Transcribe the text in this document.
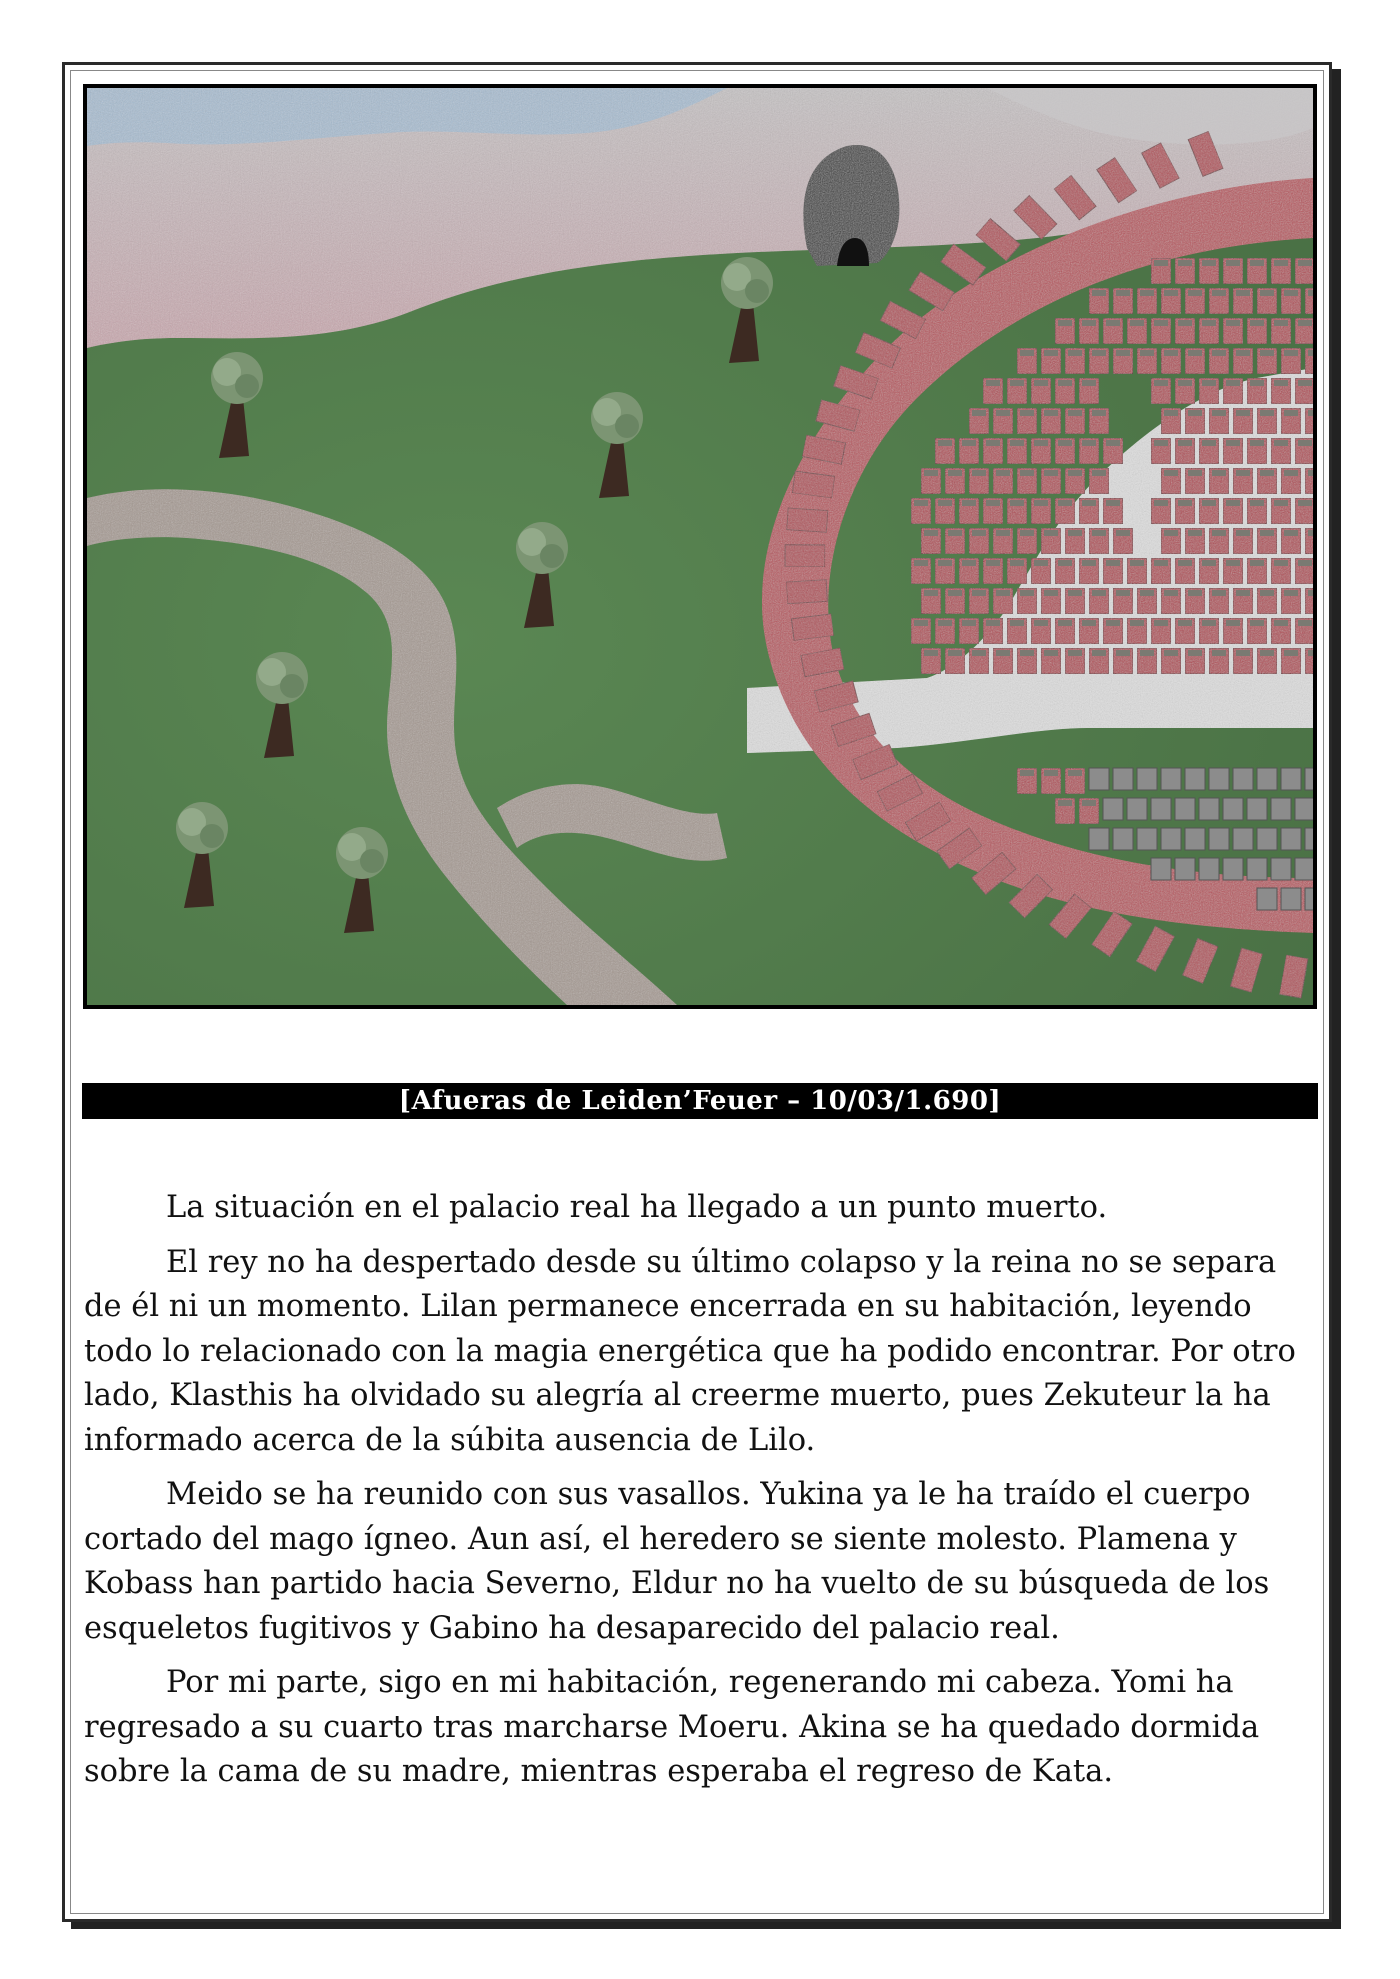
[Afueras de Leiden’Feuer – 10/03/1.690]

La situación en el palacio real ha llegado a un punto muerto.

El rey no ha despertado desde su último colapso y la reina no se separa de él ni un momento. Lilan permanece encerrada en su habitación, leyendo todo lo relacionado con la magia energética que ha podido encontrar. Por otro lado, Klasthis ha olvidado su alegría al creerme muerto, pues Zekuteur la ha informado acerca de la súbita ausencia de Lilo.

Meido se ha reunido con sus vasallos. Yukina ya le ha traído el cuerpo cortado del mago ígneo. Aun así, el heredero se siente molesto. Plamena y Kobass han partido hacia Severno, Eldur no ha vuelto de su búsqueda de los esqueletos fugitivos y Gabino ha desaparecido del palacio real.

Por mi parte, sigo en mi habitación, regenerando mi cabeza. Yomi ha regresado a su cuarto tras marcharse Moeru. Akina se ha quedado dormida sobre la cama de su madre, mientras esperaba el regreso de Kata.
